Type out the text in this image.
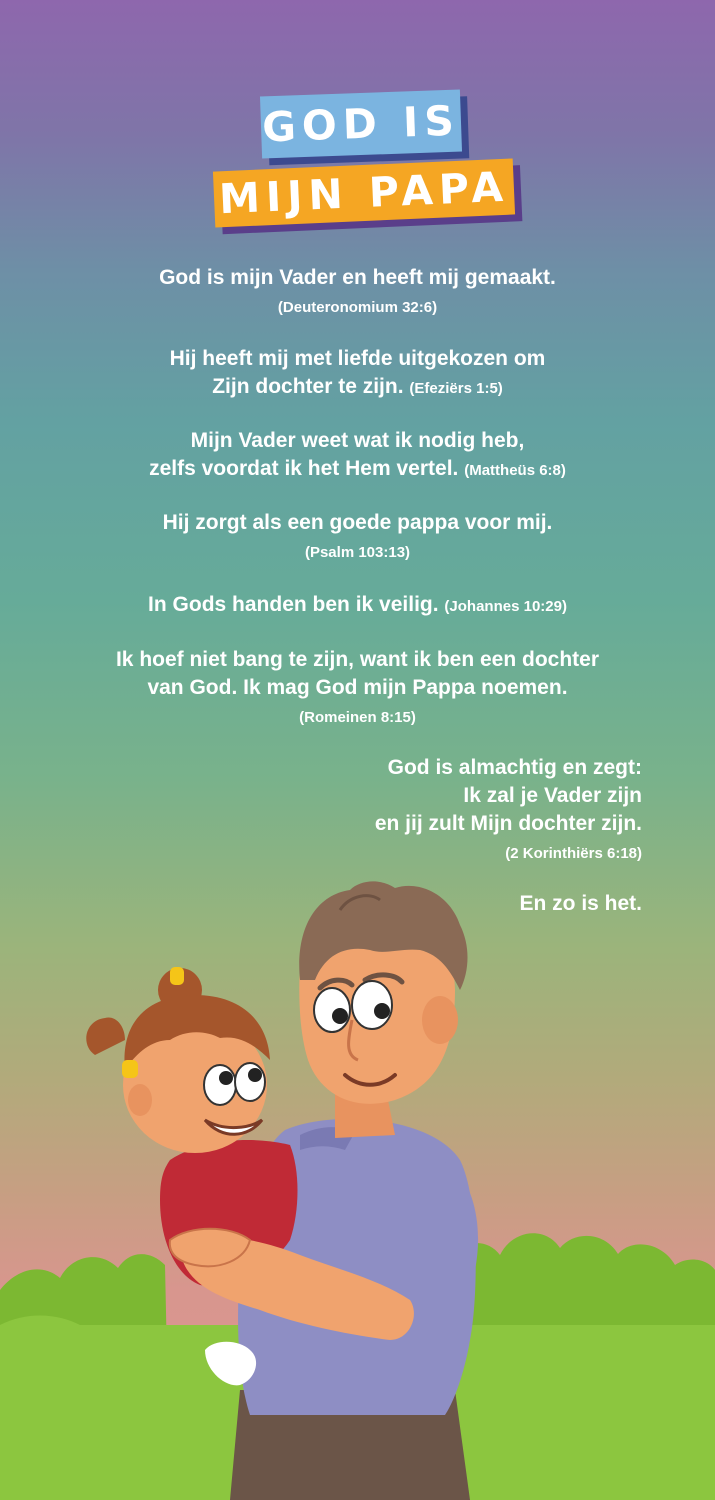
GOD IS
MIJN PAPA
God is mijn Vader en heeft mij gemaakt.
(Deuteronomium 32:6)
Hij heeft mij met liefde uitgekozen om
Zijn dochter te zijn. (Efeziërs 1:5)
Mijn Vader weet wat ik nodig heb,
zelfs voordat ik het Hem vertel. (Mattheüs 6:8)
Hij zorgt als een goede pappa voor mij.
(Psalm 103:13)
In Gods handen ben ik veilig. (Johannes 10:29)
Ik hoef niet bang te zijn, want ik ben een dochter
van God. Ik mag God mijn Pappa noemen.
(Romeinen 8:15)
God is almachtig en zegt:
Ik zal je Vader zijn
en jij zult Mijn dochter zijn.
(2 Korinthiërs 6:18)
En zo is het.
